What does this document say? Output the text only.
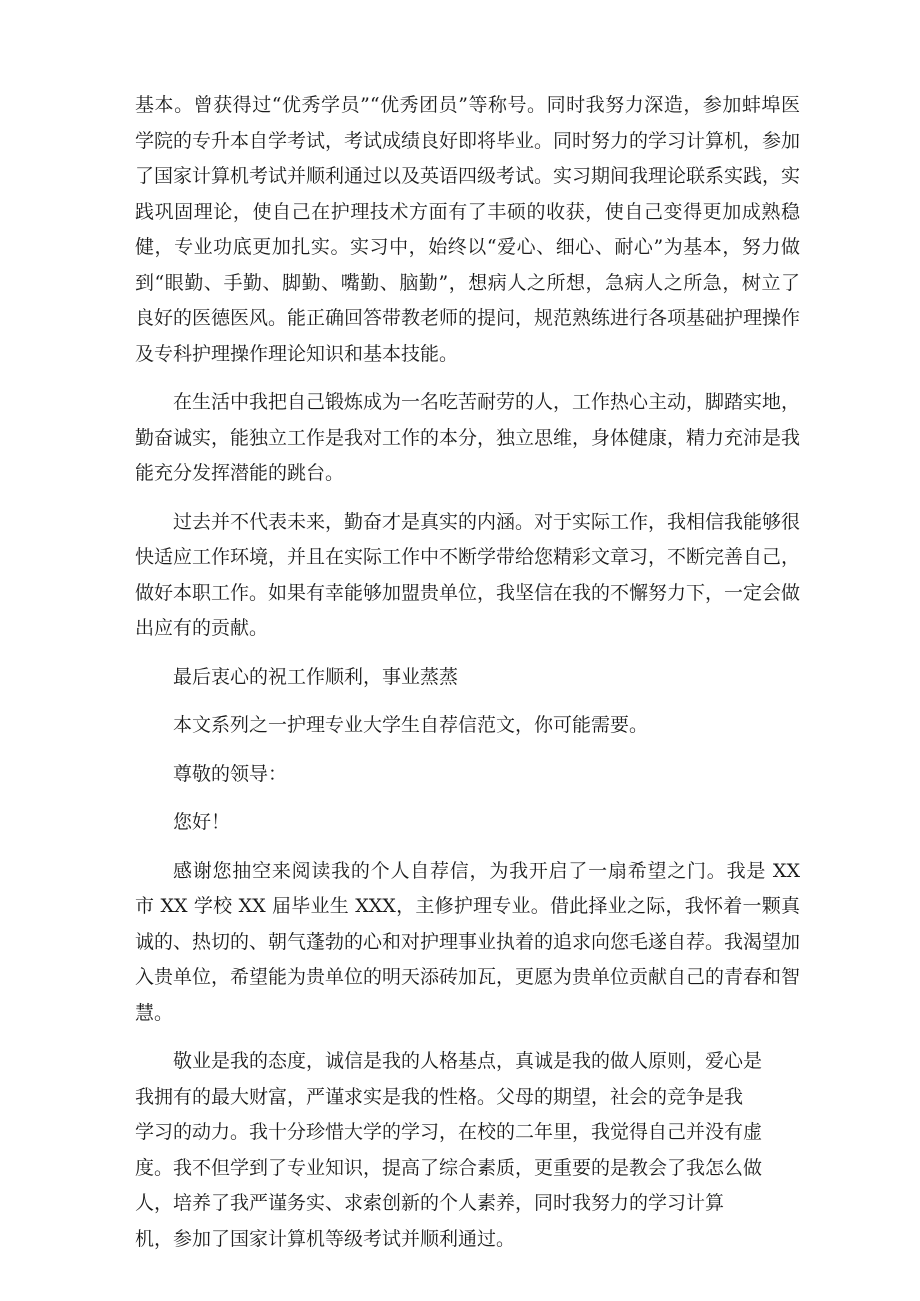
基本。曾获得过“优秀学员”“优秀团员”等称号。同时我努力深造，参加蚌埠医学院的专升本自学考试，考试成绩良好即将毕业。同时努力的学习计算机，参加了国家计算机考试并顺利通过以及英语四级考试。实习期间我理论联系实践，实践巩固理论，使自己在护理技术方面有了丰硕的收获，使自己变得更加成熟稳健，专业功底更加扎实。实习中，始终以“爱心、细心、耐心”为基本，努力做到“眼勤、手勤、脚勤、嘴勤、脑勤”，想病人之所想，急病人之所急，树立了良好的医德医风。能正确回答带教老师的提问，规范熟练进行各项基础护理操作及专科护理操作理论知识和基本技能。

在生活中我把自己锻炼成为一名吃苦耐劳的人，工作热心主动，脚踏实地，勤奋诚实，能独立工作是我对工作的本分，独立思维，身体健康，精力充沛是我能充分发挥潜能的跳台。

过去并不代表未来，勤奋才是真实的内涵。对于实际工作，我相信我能够很快适应工作环境，并且在实际工作中不断学带给您精彩文章习，不断完善自己，做好本职工作。如果有幸能够加盟贵单位，我坚信在我的不懈努力下，一定会做出应有的贡献。

最后衷心的祝工作顺利，事业蒸蒸

本文系列之一护理专业大学生自荐信范文，你可能需要。

尊敬的领导：

您好！

感谢您抽空来阅读我的个人自荐信，为我开启了一扇希望之门。我是 XX 市 XX 学校 XX 届毕业生 XXX，主修护理专业。借此择业之际，我怀着一颗真诚的、热切的、朝气蓬勃的心和对护理事业执着的追求向您毛遂自荐。我渴望加入贵单位，希望能为贵单位的明天添砖加瓦，更愿为贵单位贡献自己的青春和智慧。

敬业是我的态度，诚信是我的人格基点，真诚是我的做人原则，爱心是
我拥有的最大财富，严谨求实是我的性格。父母的期望，社会的竞争是我
学习的动力。我十分珍惜大学的学习，在校的二年里，我觉得自己并没有虚
度。我不但学到了专业知识，提高了综合素质，更重要的是教会了我怎么做
人，培养了我严谨务实、求索创新的个人素养，同时我努力的学习计算
机，参加了国家计算机等级考试并顺利通过。
